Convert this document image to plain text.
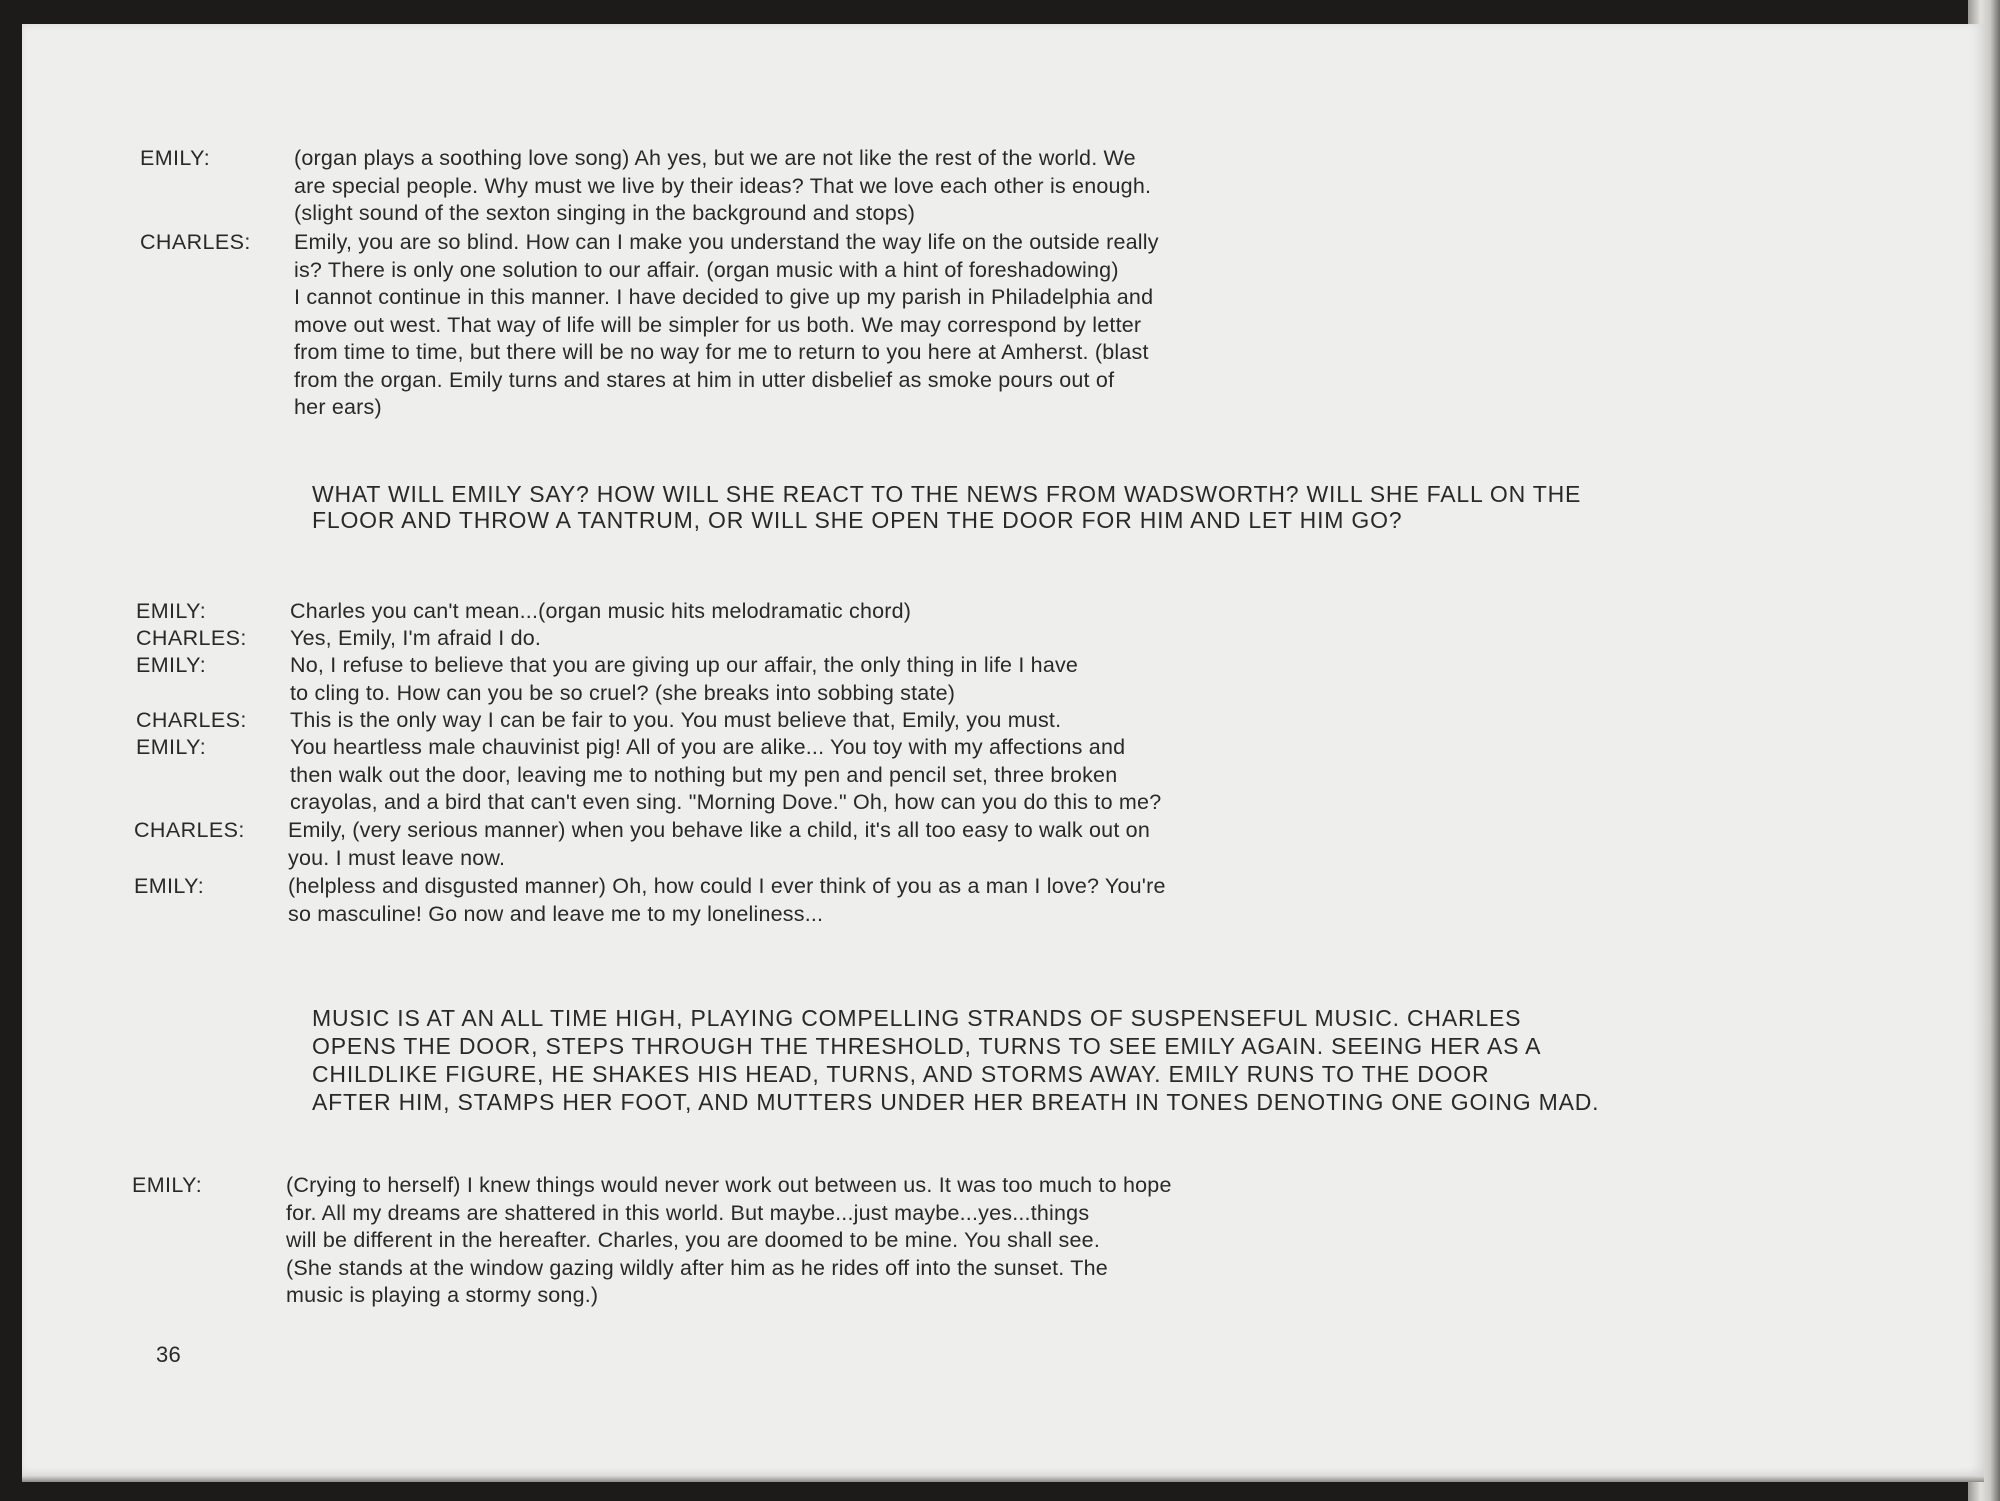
EMILY:	(organ plays a soothing love song) Ah yes, but we are not like the rest of the world. We
are special people. Why must we live by their ideas? That we love each other is enough.
(slight sound of the sexton singing in the background and stops)
CHARLES:	Emily, you are so blind. How can I make you understand the way life on the outside really
is? There is only one solution to our affair. (organ music with a hint of foreshadowing)
I cannot continue in this manner. I have decided to give up my parish in Philadelphia and
move out west. That way of life will be simpler for us both. We may correspond by letter
from time to time, but there will be no way for me to return to you here at Amherst. (blast
from the organ. Emily turns and stares at him in utter disbelief as smoke pours out of
her ears)
WHAT WILL EMILY SAY? HOW WILL SHE REACT TO THE NEWS FROM WADSWORTH? WILL SHE FALL ON THE
FLOOR AND THROW A TANTRUM, OR WILL SHE OPEN THE DOOR FOR HIM AND LET HIM GO?
EMILY:	Charles you can't mean...(organ music hits melodramatic chord)
CHARLES:	Yes, Emily, I'm afraid I do.
EMILY:	No, I refuse to believe that you are giving up our affair, the only thing in life I have
to cling to. How can you be so cruel? (she breaks into sobbing state)
CHARLES:	This is the only way I can be fair to you. You must believe that, Emily, you must.
EMILY:	You heartless male chauvinist pig! All of you are alike... You toy with my affections and
then walk out the door, leaving me to nothing but my pen and pencil set, three broken
crayolas, and a bird that can't even sing. "Morning Dove." Oh, how can you do this to me?
CHARLES:	Emily, (very serious manner) when you behave like a child, it's all too easy to walk out on
you. I must leave now.
EMILY:	(helpless and disgusted manner) Oh, how could I ever think of you as a man I love? You're
so masculine! Go now and leave me to my loneliness...
MUSIC IS AT AN ALL TIME HIGH, PLAYING COMPELLING STRANDS OF SUSPENSEFUL MUSIC. CHARLES
OPENS THE DOOR, STEPS THROUGH THE THRESHOLD, TURNS TO SEE EMILY AGAIN. SEEING HER AS A
CHILDLIKE FIGURE, HE SHAKES HIS HEAD, TURNS, AND STORMS AWAY. EMILY RUNS TO THE DOOR
AFTER HIM, STAMPS HER FOOT, AND MUTTERS UNDER HER BREATH IN TONES DENOTING ONE GOING MAD.
EMILY:	(Crying to herself) I knew things would never work out between us. It was too much to hope
for. All my dreams are shattered in this world. But maybe...just maybe...yes...things
will be different in the hereafter. Charles, you are doomed to be mine. You shall see.
(She stands at the window gazing wildly after him as he rides off into the sunset. The
music is playing a stormy song.)
36
